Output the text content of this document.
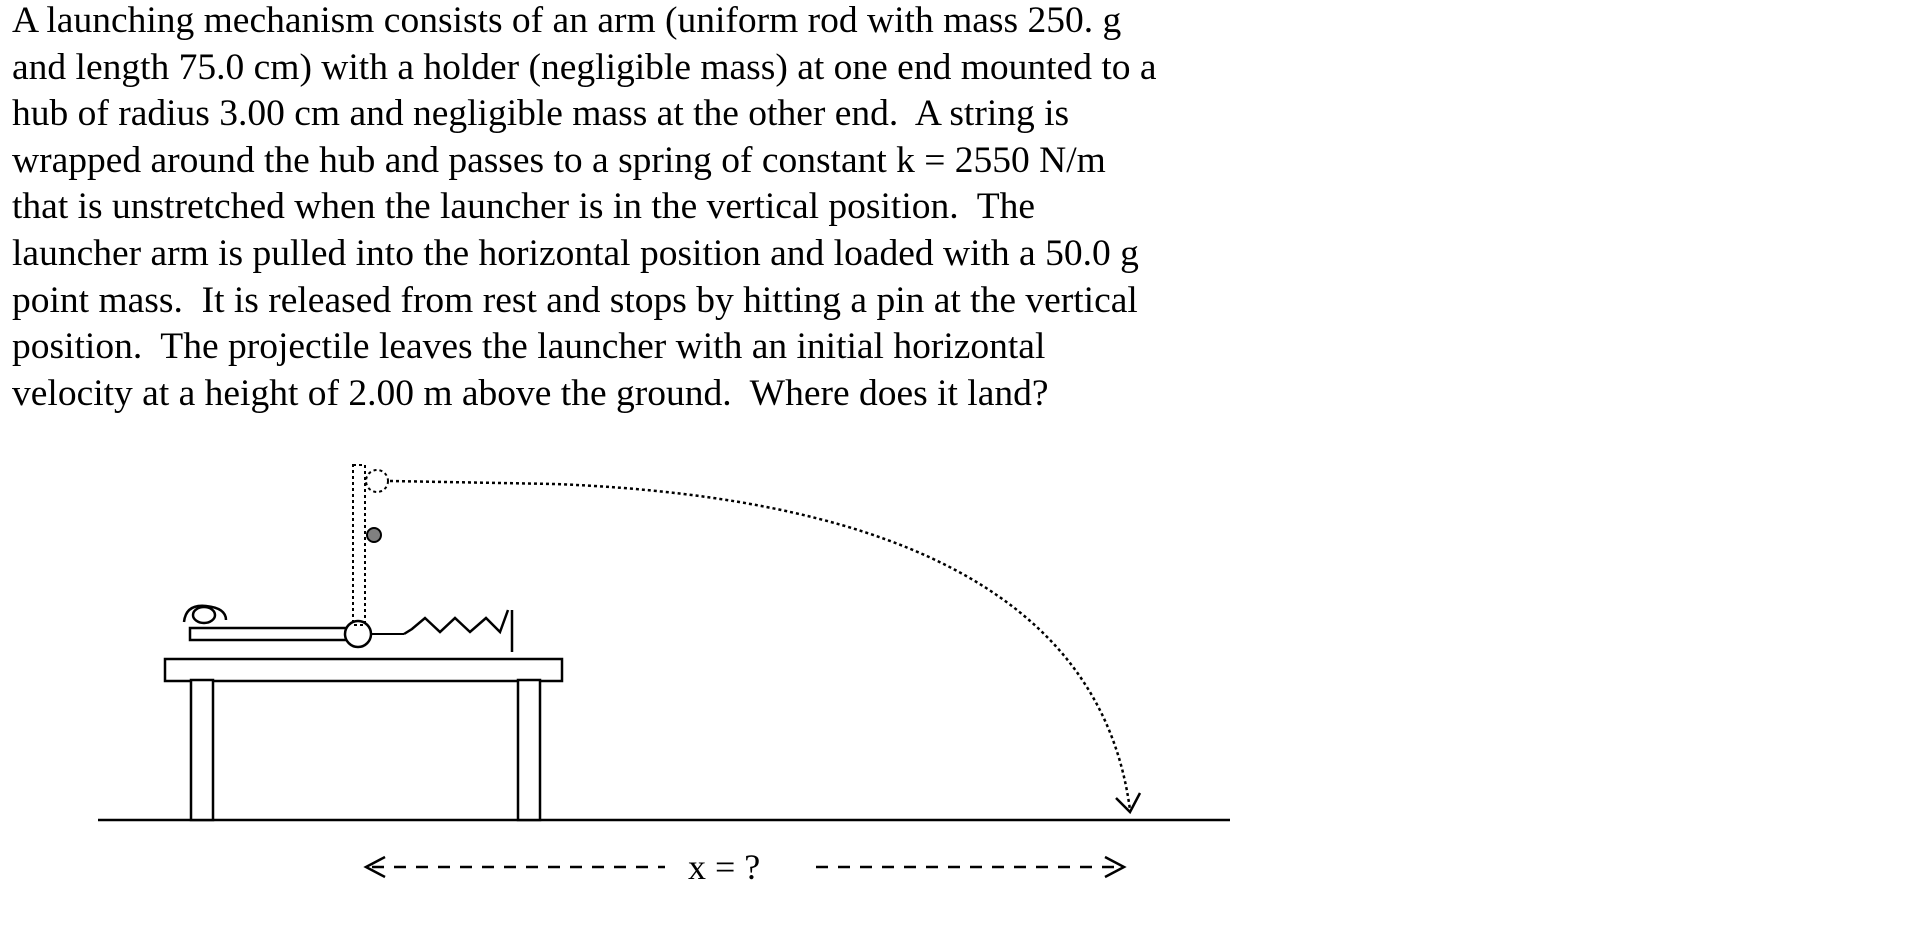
A launching mechanism consists of an arm (uniform rod with mass 250. g
and length 75.0 cm) with a holder (negligible mass) at one end mounted to a
hub of radius 3.00 cm and negligible mass at the other end.  A string is
wrapped around the hub and passes to a spring of constant k = 2550 N/m
that is unstretched when the launcher is in the vertical position.  The
launcher arm is pulled into the horizontal position and loaded with a 50.0 g
point mass.  It is released from rest and stops by hitting a pin at the vertical
position.  The projectile leaves the launcher with an initial horizontal
velocity at a height of 2.00 m above the ground.  Where does it land?
x = ?
